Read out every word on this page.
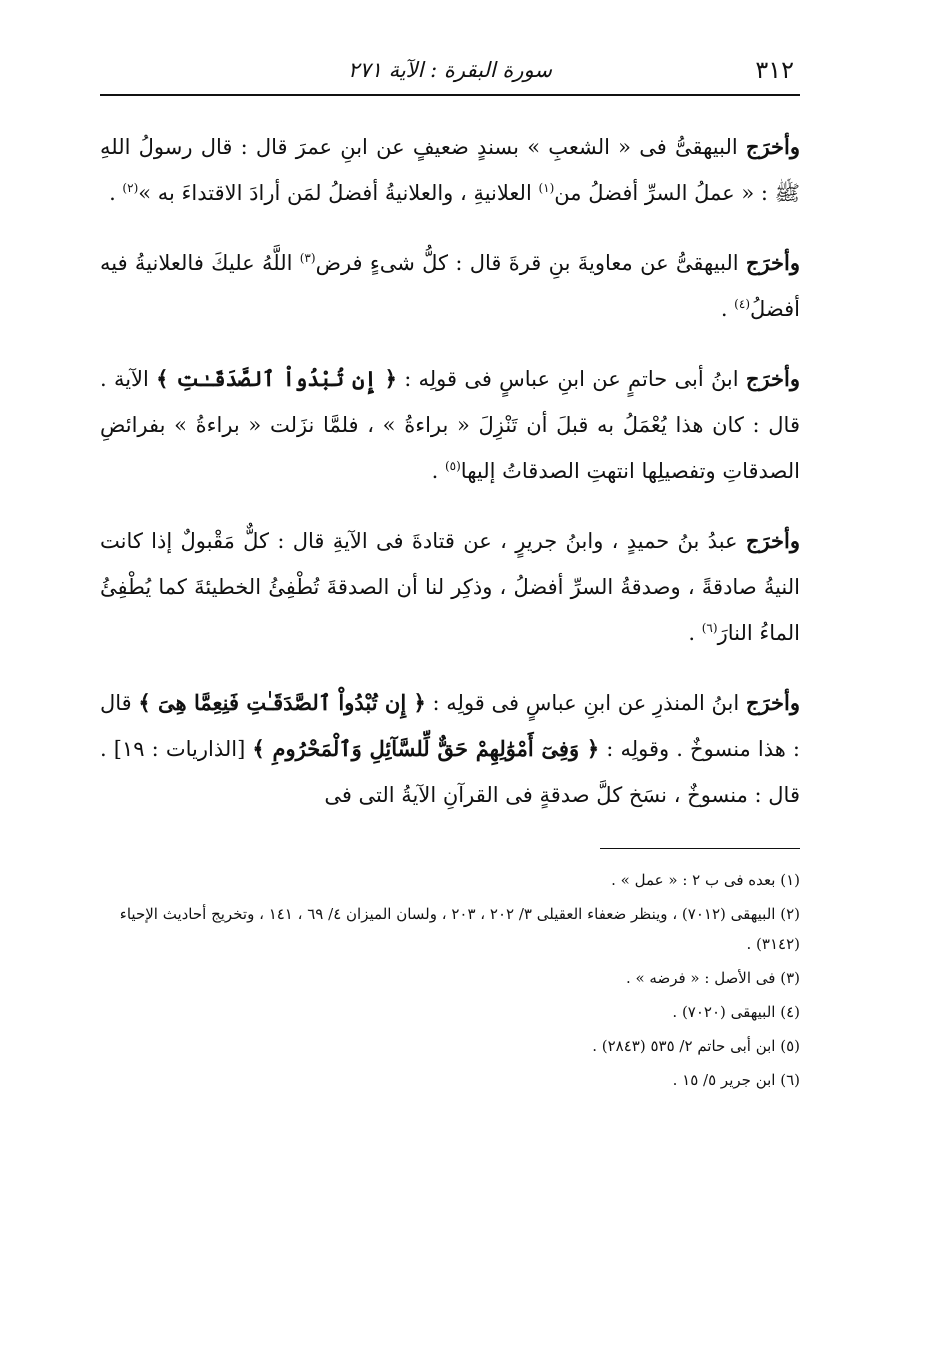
٣١٢
سورة البقرة : الآية ٢٧١

وأخرَج البيهقىُّ فى « الشعبِ » بسندٍ ضعيفٍ عن ابنِ عمرَ قال : قال رسولُ اللهِ ﷺ : « عملُ السرِّ أفضلُ من$^{(١)}$ العلانيةِ ، والعلانيةُ أفضلُ لمَن أرادَ الاقتداءَ به »$^{(٢)}$ .

وأخرَج البيهقىُّ عن معاويةَ بنِ قرةَ قال : كلُّ شىءٍ فرض$^{(٣)}$ اللَّهُ عليكَ فالعلانيةُ فيه أفضلُ$^{(٤)}$ .

وأخرَج ابنُ أبى حاتمٍ عن ابنِ عباسٍ فى قولِه : ﴿ إِن تُبْدُواْ ٱلصَّدَقَـٰتِ ﴾ الآية . قال : كان هذا يُعْمَلُ به قبلَ أن تَنْزِلَ « براءةُ » ، فلمَّا نزَلت « براءةُ » بفرائضِ الصدقاتِ وتفصيلِها انتهتِ الصدقاتُ إليها$^{(٥)}$ .

وأخرَج عبدُ بنُ حميدٍ ، وابنُ جريرٍ ، عن قتادةَ فى الآيةِ قال : كلٌّ مَقْبولٌ إذا كانت النيةُ صادقةً ، وصدقةُ السرِّ أفضلُ ، وذكِر لنا أن الصدقةَ تُطْفِئُ الخطيئةَ كما يُطْفِئُ الماءُ النارَ$^{(٦)}$ .

وأخرَج ابنُ المنذرِ عن ابنِ عباسٍ فى قولِه : ﴿ إِن تُبْدُواْ ٱلصَّدَقَـٰتِ فَنِعِمَّا هِىَ ﴾ قال : هذا منسوخٌ . وقولِه : ﴿ وَفِىٓ أَمْوَٰلِهِمْ حَقٌّ لِّلسَّآئِلِ وَٱلْمَحْرُومِ ﴾ [الذاريات : ١٩] . قال : منسوخٌ ، نسَخ كلَّ صدقةٍ فى القرآنِ الآيةُ التى فى

(١) بعده فى ب ٢ : « عمل » .

(٢) البيهقى (٧٠١٢) ، وينظر ضعفاء العقيلى ٣/ ٢٠٢ ، ٢٠٣ ، ولسان الميزان ٤/ ٦٩ ، ١٤١ ، وتخريج أحاديث الإحياء (٣١٤٢) .

(٣) فى الأصل : « فرضه » .

(٤) البيهقى (٧٠٢٠) .

(٥) ابن أبى حاتم ٢/ ٥٣٥ (٢٨٤٣) .

(٦) ابن جرير ٥/ ١٥ .
